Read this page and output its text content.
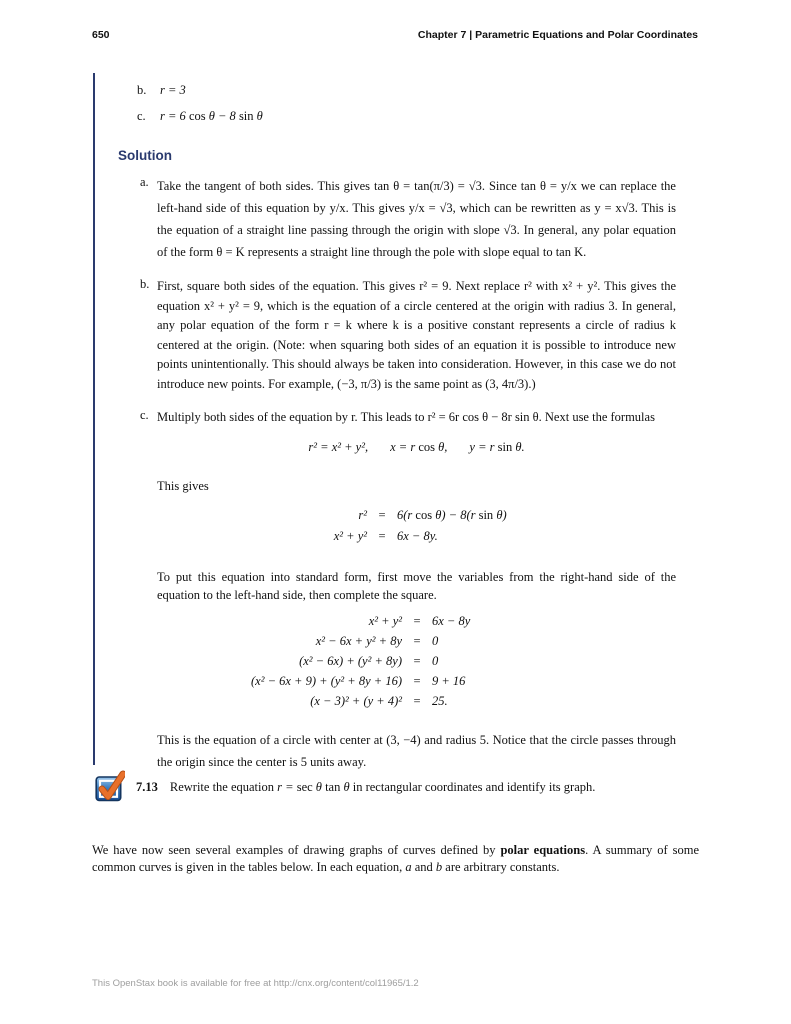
650	Chapter 7 | Parametric Equations and Polar Coordinates
b.	r = 3
c.	r = 6 cos θ − 8 sin θ
Solution
a. Take the tangent of both sides. This gives tan θ = tan(π/3) = √3. Since tan θ = y/x we can replace the left-hand side of this equation by y/x. This gives y/x = √3, which can be rewritten as y = x√3. This is the equation of a straight line passing through the origin with slope √3. In general, any polar equation of the form θ = K represents a straight line through the pole with slope equal to tan K.
b. First, square both sides of the equation. This gives r² = 9. Next replace r² with x² + y². This gives the equation x² + y² = 9, which is the equation of a circle centered at the origin with radius 3. In general, any polar equation of the form r = k where k is a positive constant represents a circle of radius k centered at the origin. (Note: when squaring both sides of an equation it is possible to introduce new points unintentionally. This should always be taken into consideration. However, in this case we do not introduce new points. For example, (−3, π/3) is the same point as (3, 4π/3).)
c. Multiply both sides of the equation by r. This leads to r² = 6r cos θ − 8r sin θ. Next use the formulas
r² = x² + y², x = r cos θ, y = r sin θ.
This gives
r² = 6(r cos θ) − 8(r sin θ)
x² + y² = 6x − 8y.
To put this equation into standard form, first move the variables from the right-hand side of the equation to the left-hand side, then complete the square.
x² + y² = 6x − 8y
x² − 6x + y² + 8y = 0
(x² − 6x) + (y² + 8y) = 0
(x² − 6x + 9) + (y² + 8y + 16) = 9 + 16
(x − 3)² + (y + 4)² = 25.
This is the equation of a circle with center at (3, −4) and radius 5. Notice that the circle passes through the origin since the center is 5 units away.
7.13 Rewrite the equation r = sec θ tan θ in rectangular coordinates and identify its graph.
We have now seen several examples of drawing graphs of curves defined by polar equations. A summary of some common curves is given in the tables below. In each equation, a and b are arbitrary constants.
This OpenStax book is available for free at http://cnx.org/content/col11965/1.2
